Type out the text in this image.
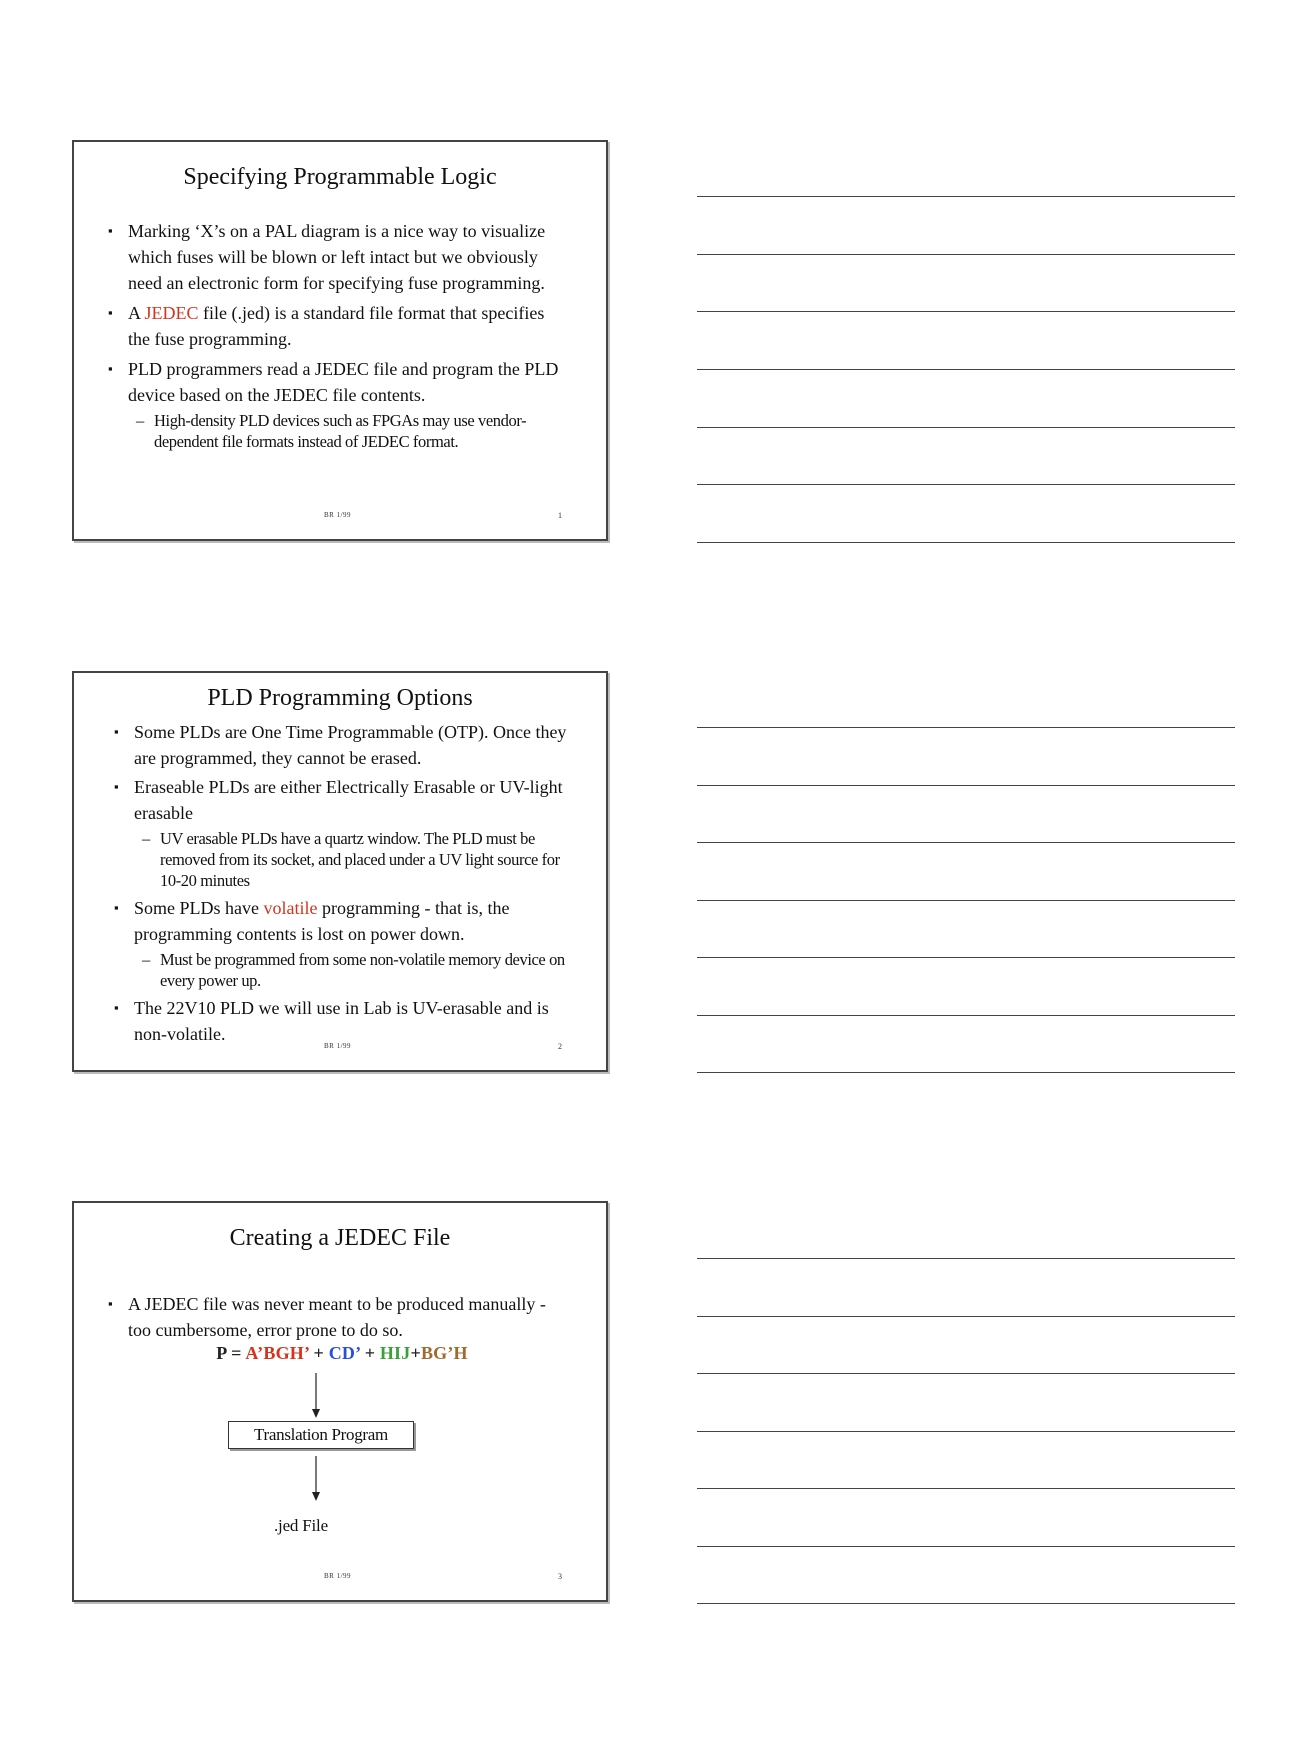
Specifying Programmable Logic
▪ Marking ‘X’s on a PAL diagram is a nice way to visualize which fuses will be blown or left intact but we obviously need an electronic form for specifying fuse programming.
▪ A JEDEC file (.jed) is a standard file format that specifies the fuse programming.
▪ PLD programmers read a JEDEC file and program the PLD device based on the JEDEC file contents.
– High-density PLD devices such as FPGAs may use vendor-dependent file formats instead of JEDEC format.
BR 1/99	1
PLD Programming Options
▪ Some PLDs are One Time Programmable (OTP). Once they are programmed, they cannot be erased.
▪ Eraseable PLDs are either Electrically Erasable or UV-light erasable
– UV erasable PLDs have a quartz window. The PLD must be removed from its socket, and placed under a UV light source for 10-20 minutes
▪ Some PLDs have volatile programming - that is, the programming contents is lost on power down.
– Must be programmed from some non-volatile memory device on every power up.
▪ The 22V10 PLD we will use in Lab is UV-erasable and is non-volatile.
BR 1/99	2
Creating a JEDEC File
▪ A JEDEC file was never meant to be produced manually - too cumbersome, error prone to do so.
P = A’BGH’ + CD’ + HIJ+BG’H
Translation Program
.jed File
BR 1/99	3
